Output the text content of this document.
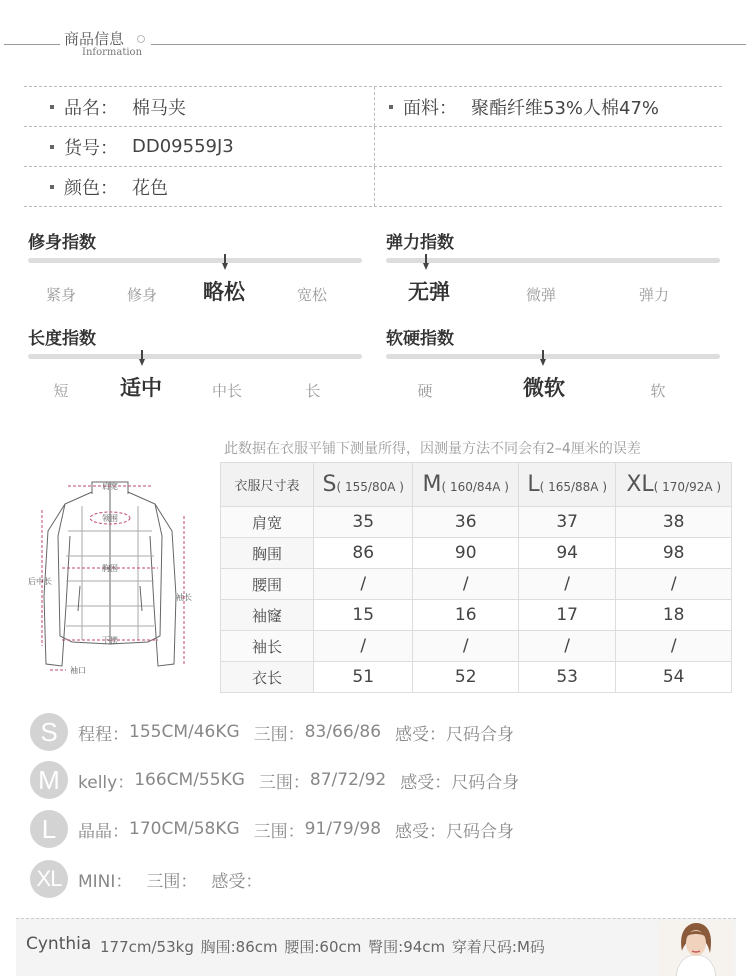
商品信息
Information
品名： 棉马夹	面料： 聚酯纤维53%人棉47%
货号： DD09559J3
颜色： 花色
修身指数
紧身	修身 略松	宽松
弹力指数
无弹	微弹	弹力
长度指数
短 适中	中长	长
软硬指数
硬	微软	软
此数据在衣服平铺下测量所得，因测量方法不同会有2–4厘米的误差
肩宽
领围
胸围
下摆
后中长
袖长
袖口
衣服尺寸表	S( 155/80A )	M( 160/84A )	L( 165/88A )	XL( 170/92A )
肩宽	35	36	37	38
胸围	86	90	94	98
腰围	/	/	/	/
袖窿	15	16	17	18
袖长	/	/	/	/
衣长	51	52	53	54
S	程程： 155CM/46KG 三围： 83/66/86 感受： 尺码合身
M	kelly： 166CM/55KG 三围： 87/72/92 感受： 尺码合身
L	晶晶： 170CM/58KG 三围： 91/79/98 感受： 尺码合身
XL MINI： 三围： 感受：
Cynthia 177cm/53kg 胸围:86cm 腰围:60cm 臀围:94cm 穿着尺码:M码
